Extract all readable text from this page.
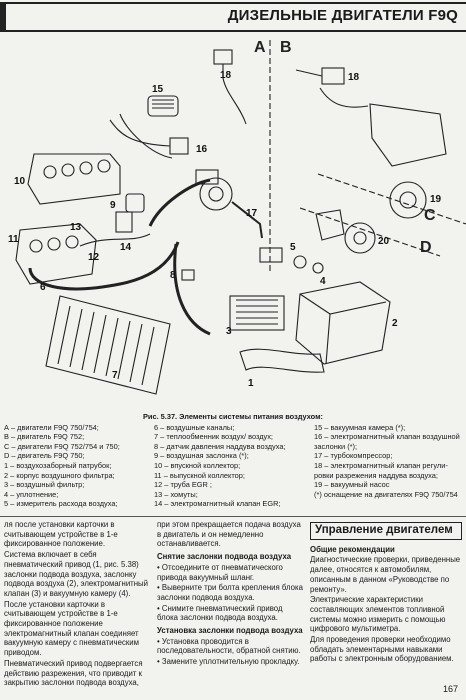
ДИЗЕЛЬНЫЕ ДВИГАТЕЛИ F9Q
A B
C
D
15
16
10
13
9
11
12
14
8
6
5
1
7
18	18
17
19
20
4
2
3
Рис. 5.37. Элементы системы питания воздухом:
А – двигатели F9Q 750/754;
B – двигатель F9Q 752;
C – двигатели F9Q 752/754 и 750;
D – двигатель F9Q 750;
1 – воздухозаборный патрубок;
2 – корпус воздушного фильтра;
3 – воздушный фильтр;
4 – уплотнение;
5 – измеритель расхода воздуха;
6 – воздушные каналы;
7 – теплообменник воздух/ воздух;
8 – датчик давления наддува воздуха;
9 – воздушная заслонка (*);
10 – впускной коллектор;
11 – выпускной коллектор;
12 – труба EGR ;
13 – хомуты;
14 – электромагнитный клапан EGR;
15 – вакуумная камера (*);
16 – электромагнитный клапан воздушной
заслонки (*);
17 – турбокомпрессор;
18 – электромагнитный клапан регули-
ровки разрежения наддува воздуха;
19 – вакуумный насос
(*) оснащение на двигателях F9Q 750/754

ля после установки карточки в считывающем устройстве в 1-е фиксированное положение.

Система включает в себя пневматический привод (1, рис. 5.38) заслонки подвода воздуха, заслонку подвода воздуха (2), электромагнитный клапан (3) и вакуумную камеру (4).

После установки карточки в считывающем устройстве в 1-е фиксированное положение электромагнитный клапан соединяет вакуумную камеру с пневматическим приводом.

Пневматический привод подвергается действию разрежения, что приводит к закрытию заслонки подвода воздуха,

при этом прекращается подача воздуха в двигатель и он немедленно останавливается.

Снятие заслонки подвода воздуха

• Отсоедините от пневматического привода вакуумный шланг.

• Выверните три болта крепления блока заслонки подвода воздуха.

• Снимите пневматический привод блока заслонки подвода воздуха.

Установка заслонки подвода воздуха

• Установка проводится в последовательности, обратной снятию.

• Замените уплотнительную прокладку.

Управление двигателем
Общие рекомендации

Диагностические проверки, приведенные далее, относятся к автомобилям, описанным в данном «Руководстве по ремонту».

Электрические характеристики составляющих элементов топливной системы можно измерить с помощью цифрового мультиметра.

Для проведения проверки необходимо обладать элементарными навыками работы с электронным оборудованием.

167
